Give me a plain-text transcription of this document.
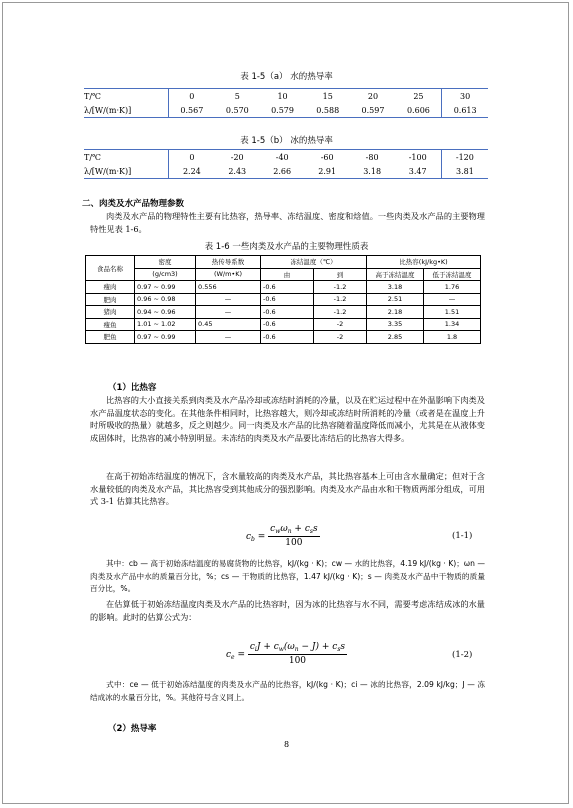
表 1-5（a） 水的热导率
T/℃	0	5	10	15	20	25	30
λ/[W/(m·K)]	0.567	0.570	0.579	0.588	0.597	0.606	0.613
表 1-5（b） 冰的热导率
T/℃	0	-20	-40	-60	-80	-100	-120
λ/[W/(m·K)]	2.24	2.43	2.66	2.91	3.18	3.47	3.81
二、肉类及水产品物理参数
肉类及水产品的物理特性主要有比热容，热导率、冻结温度、密度和焓值。一些肉类及水产品的主要物理特性见表 1-6。
表 1-6 一些肉类及水产品的主要物理性质表
食品名称	密度	热传导系数	冻结温度（℃）		比热容(kJ/kg•K)	
	(g/cm3)	(W/m•K)	由	到	高于冻结温度	低于冻结温度
瘦肉	0.97 ~ 0.99	0.556	-0.6	-1.2	3.18	1.76
肥肉	0.96 ~ 0.98	—	-0.6	-1.2	2.51	—
猪肉	0.94 ~ 0.96	—	-0.6	-1.2	2.18	1.51
瘦鱼	1.01 ~ 1.02	0.45	-0.6	-2	3.35	1.34
肥鱼	0.97 ~ 0.99	—	-0.6	-2	2.85	1.8
（1）比热容
比热容的大小直接关系到肉类及水产品冷却或冻结时消耗的冷量，以及在贮运过程中在外温影响下肉类及水产品温度状态的变化。在其他条件相同时，比热容越大，则冷却或冻结时所消耗的冷量（或者是在温度上升时所吸收的热量）就越多，反之则越少。同一肉类及水产品的比热容随着温度降低而减小，尤其是在从液体变成固体时，比热容的减小特别明显。未冻结的肉类及水产品要比冻结后的比热容大得多。
在高于初始冻结温度的情况下，含水量较高的肉类及水产品，其比热容基本上可由含水量确定；但对于含水量较低的肉类及水产品，其比热容受到其他成分的强烈影响。肉类及水产品由水和干物质两部分组成，可用式 3-1 估算其比热容。
$c_b = \frac{c_w\omega_n + c_ss}{100}$	(1-1)
其中：cb — 高于初始冻结温度的易腐货物的比热容，kJ/(kg · K)；cw — 水的比热容，4.19 kJ/(kg · K)；ωn — 肉类及水产品中水的质量百分比，%；cs — 干物质的比热容，1.47 kJ/(kg · K)；s — 肉类及水产品中干物质的质量百分比，%。
在估算低于初始冻结温度肉类及水产品的比热容时，因为冰的比热容与水不同，需要考虑冻结成冰的水量的影响。此时的估算公式为：
$c_e = \frac{c_iJ + c_w(\omega_n - J) + c_ss}{100}$	(1-2)
式中：ce — 低于初始冻结温度的肉类及水产品的比热容，kJ/(kg · K)；ci — 冰的比热容，2.09 kJ/kg；J — 冻结成冰的水量百分比，%。其他符号含义同上。
（2）热导率
8
